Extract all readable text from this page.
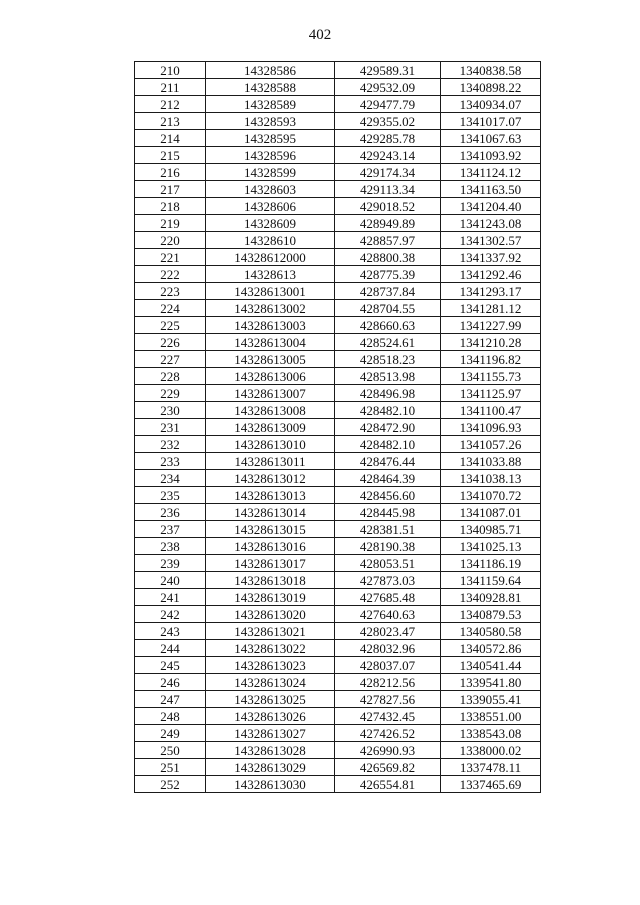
402
210	14328586	429589.31	1340838.58
211	14328588	429532.09	1340898.22
212	14328589	429477.79	1340934.07
213	14328593	429355.02	1341017.07
214	14328595	429285.78	1341067.63
215	14328596	429243.14	1341093.92
216	14328599	429174.34	1341124.12
217	14328603	429113.34	1341163.50
218	14328606	429018.52	1341204.40
219	14328609	428949.89	1341243.08
220	14328610	428857.97	1341302.57
221	14328612000	428800.38	1341337.92
222	14328613	428775.39	1341292.46
223	14328613001	428737.84	1341293.17
224	14328613002	428704.55	1341281.12
225	14328613003	428660.63	1341227.99
226	14328613004	428524.61	1341210.28
227	14328613005	428518.23	1341196.82
228	14328613006	428513.98	1341155.73
229	14328613007	428496.98	1341125.97
230	14328613008	428482.10	1341100.47
231	14328613009	428472.90	1341096.93
232	14328613010	428482.10	1341057.26
233	14328613011	428476.44	1341033.88
234	14328613012	428464.39	1341038.13
235	14328613013	428456.60	1341070.72
236	14328613014	428445.98	1341087.01
237	14328613015	428381.51	1340985.71
238	14328613016	428190.38	1341025.13
239	14328613017	428053.51	1341186.19
240	14328613018	427873.03	1341159.64
241	14328613019	427685.48	1340928.81
242	14328613020	427640.63	1340879.53
243	14328613021	428023.47	1340580.58
244	14328613022	428032.96	1340572.86
245	14328613023	428037.07	1340541.44
246	14328613024	428212.56	1339541.80
247	14328613025	427827.56	1339055.41
248	14328613026	427432.45	1338551.00
249	14328613027	427426.52	1338543.08
250	14328613028	426990.93	1338000.02
251	14328613029	426569.82	1337478.11
252	14328613030	426554.81	1337465.69
